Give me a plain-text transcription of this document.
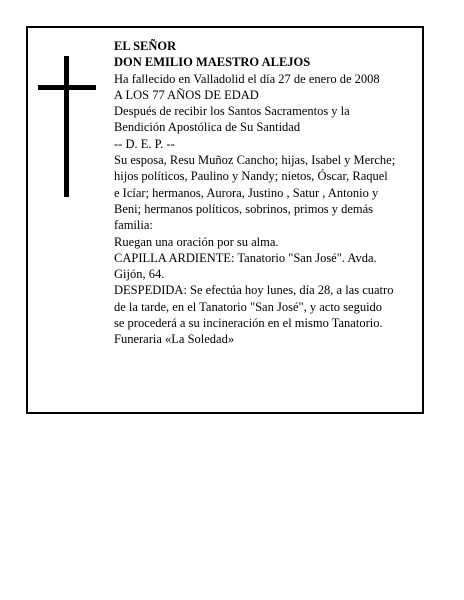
EL SEÑOR

DON EMILIO MAESTRO ALEJOS

Ha fallecido en Valladolid el día 27 de enero de 2008

A LOS 77 AÑOS DE EDAD

Después de recibir los Santos Sacramentos y la

Bendición Apostólica de Su Santidad

-- D. E. P. --

Su esposa, Resu Muñoz Cancho; hijas, Isabel y Merche;

hijos políticos, Paulino y Nandy; nietos, Óscar, Raquel

e Icíar; hermanos, Aurora, Justino , Satur , Antonio y

Beni; hermanos políticos, sobrinos, primos y demás

familia:

Ruegan una oración por su alma.

CAPILLA ARDIENTE: Tanatorio "San José". Avda.

Gijón, 64.

DESPEDIDA: Se efectúa hoy lunes, día 28, a las cuatro

de la tarde, en el Tanatorio "San José", y acto seguido

se procederá a su incineración en el mismo Tanatorio.

Funeraria «La Soledad»
